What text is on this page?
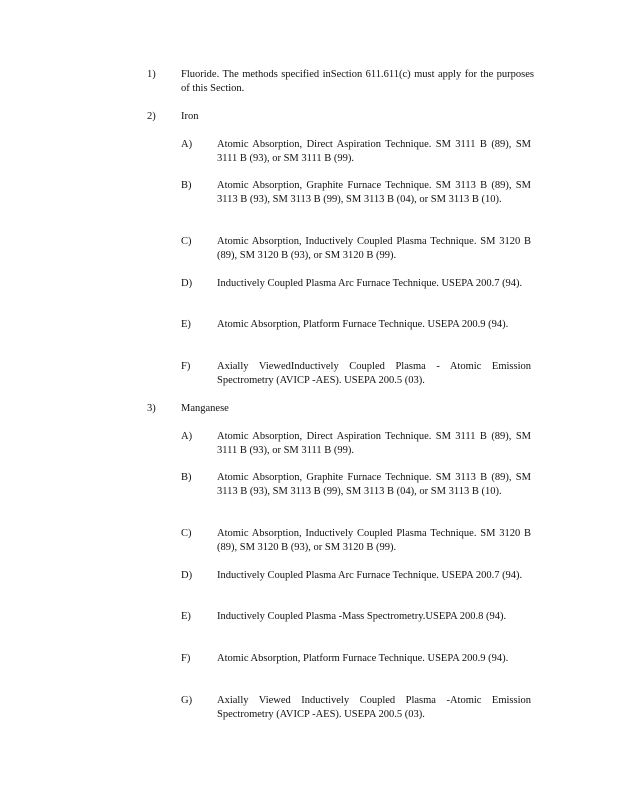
1)	Fluoride. The methods specified inSection 611.611(c) must apply for the purposes of this Section.
2)	Iron
A)	Atomic Absorption, Direct Aspiration Technique. SM 3111 B (89), SM 3111 B (93), or SM 3111 B (99).
B)	Atomic Absorption, Graphite Furnace Technique. SM 3113 B (89), SM 3113 B (93), SM 3113 B (99), SM 3113 B (04), or SM 3113 B (10).
C)	Atomic Absorption, Inductively Coupled Plasma Technique. SM 3120 B (89), SM 3120 B (93), or SM 3120 B (99).
D)	Inductively Coupled Plasma Arc Furnace Technique. USEPA 200.7 (94).
E)	Atomic Absorption, Platform Furnace Technique. USEPA 200.9 (94).
F)	Axially ViewedInductively Coupled Plasma - Atomic Emission Spectrometry (AVICP -AES). USEPA 200.5 (03).
3)	Manganese
A)	Atomic Absorption, Direct Aspiration Technique. SM 3111 B (89), SM 3111 B (93), or SM 3111 B (99).
B)	Atomic Absorption, Graphite Furnace Technique. SM 3113 B (89), SM 3113 B (93), SM 3113 B (99), SM 3113 B (04), or SM 3113 B (10).
C)	Atomic Absorption, Inductively Coupled Plasma Technique. SM 3120 B (89), SM 3120 B (93), or SM 3120 B (99).
D)	Inductively Coupled Plasma Arc Furnace Technique. USEPA 200.7 (94).
E)	Inductively Coupled Plasma -Mass Spectrometry.USEPA 200.8 (94).
F)	Atomic Absorption, Platform Furnace Technique. USEPA 200.9 (94).
G)	Axially Viewed Inductively Coupled Plasma -Atomic Emission Spectrometry (AVICP -AES). USEPA 200.5 (03).
